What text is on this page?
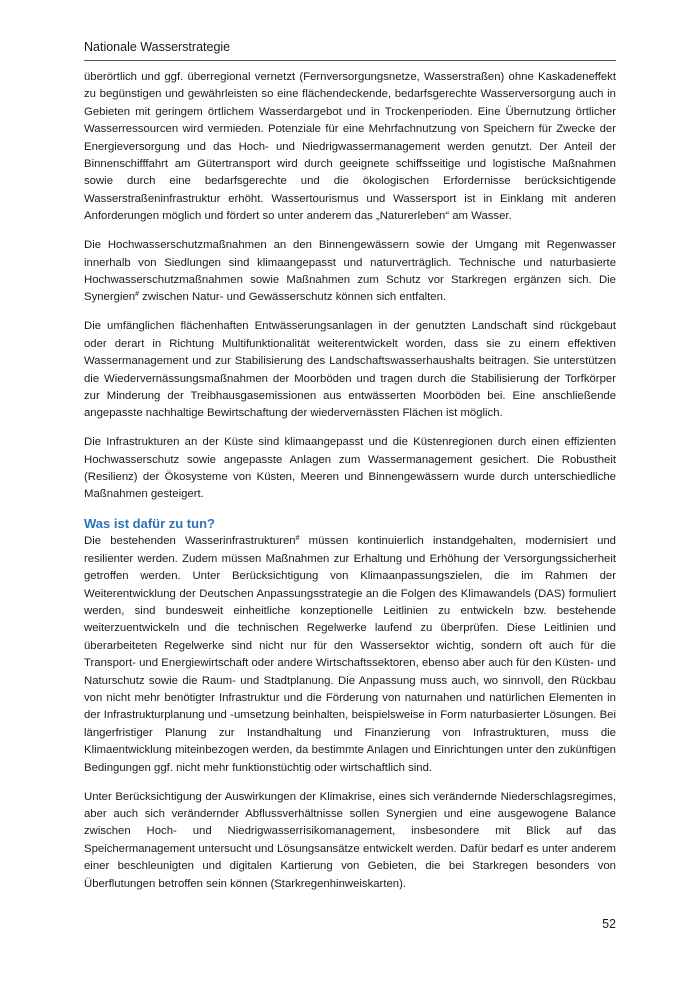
Nationale Wasserstrategie

überörtlich und ggf. überregional vernetzt (Fernversorgungsnetze, Wasserstraßen) ohne Kaskadeneffekt zu begünstigen und gewährleisten so eine flächendeckende, bedarfsgerechte Wasserversorgung auch in Gebieten mit geringem örtlichem Wasserdargebot und in Trockenperioden. Eine Übernutzung örtlicher Wasserressourcen wird vermieden. Potenziale für eine Mehrfachnutzung von Speichern für Zwecke der Energieversorgung und das Hoch- und Niedrigwassermanagement werden genutzt. Der Anteil der Binnenschifffahrt am Gütertransport wird durch geeignete schiffsseitige und logistische Maßnahmen sowie durch eine bedarfsgerechte und die ökologischen Erfordernisse berücksichtigende Wasserstraßeninfrastruktur erhöht. Wassertourismus und Wassersport ist in Einklang mit anderen Anforderungen möglich und fördert so unter anderem das „Naturerleben“ am Wasser.

Die Hochwasserschutzmaßnahmen an den Binnengewässern sowie der Umgang mit Regenwasser innerhalb von Siedlungen sind klimaangepasst und naturverträglich. Technische und naturbasierte Hochwasserschutzmaßnahmen sowie Maßnahmen zum Schutz vor Starkregen ergänzen sich. Die Synergien# zwischen Natur- und Gewässerschutz können sich entfalten.

Die umfänglichen flächenhaften Entwässerungsanlagen in der genutzten Landschaft sind rückgebaut oder derart in Richtung Multifunktionalität weiterentwickelt worden, dass sie zu einem effektiven Wassermanagement und zur Stabilisierung des Landschaftswasserhaushalts beitragen. Sie unterstützen die Wiedervernässungsmaßnahmen der Moorböden und tragen durch die Stabilisierung der Torfkörper zur Minderung der Treibhausgasemissionen aus entwässerten Moorböden bei. Eine anschließende angepasste nachhaltige Bewirtschaftung der wiedervernässten Flächen ist möglich.

Die Infrastrukturen an der Küste sind klimaangepasst und die Küstenregionen durch einen effizienten Hochwasserschutz sowie angepasste Anlagen zum Wassermanagement gesichert. Die Robustheit (Resilienz) der Ökosysteme von Küsten, Meeren und Binnengewässern wurde durch unterschiedliche Maßnahmen gesteigert.

Was ist dafür zu tun?

Die bestehenden Wasserinfrastrukturen# müssen kontinuierlich instandgehalten, modernisiert und resilienter werden. Zudem müssen Maßnahmen zur Erhaltung und Erhöhung der Versorgungssicherheit getroffen werden. Unter Berücksichtigung von Klimaanpassungszielen, die im Rahmen der Weiterentwicklung der Deutschen Anpassungsstrategie an die Folgen des Klimawandels (DAS) formuliert werden, sind bundesweit einheitliche konzeptionelle Leitlinien zu entwickeln bzw. bestehende weiterzuentwickeln und die technischen Regelwerke laufend zu überprüfen. Diese Leitlinien und überarbeiteten Regelwerke sind nicht nur für den Wassersektor wichtig, sondern oft auch für die Transport- und Energiewirtschaft oder andere Wirtschaftssektoren, ebenso aber auch für den Küsten- und Naturschutz sowie die Raum- und Stadtplanung. Die Anpassung muss auch, wo sinnvoll, den Rückbau von nicht mehr benötigter Infrastruktur und die Förderung von naturnahen und natürlichen Elementen in der Infrastrukturplanung und -umsetzung beinhalten, beispielsweise in Form naturbasierter Lösungen. Bei längerfristiger Planung zur Instandhaltung und Finanzierung von Infrastrukturen, muss die Klimaentwicklung miteinbezogen werden, da bestimmte Anlagen und Einrichtungen unter den zukünftigen Bedingungen ggf. nicht mehr funktionstüchtig oder wirtschaftlich sind.

Unter Berücksichtigung der Auswirkungen der Klimakrise, eines sich verändernde Niederschlagsregimes, aber auch sich verändernder Abflussverhältnisse sollen Synergien und eine ausgewogene Balance zwischen Hoch- und Niedrigwasserrisikomanagement, insbesondere mit Blick auf das Speichermanagement untersucht und Lösungsansätze entwickelt werden. Dafür bedarf es unter anderem einer beschleunigten und digitalen Kartierung von Gebieten, die bei Starkregen besonders von Überflutungen betroffen sein können (Starkregenhinweiskarten).

52
